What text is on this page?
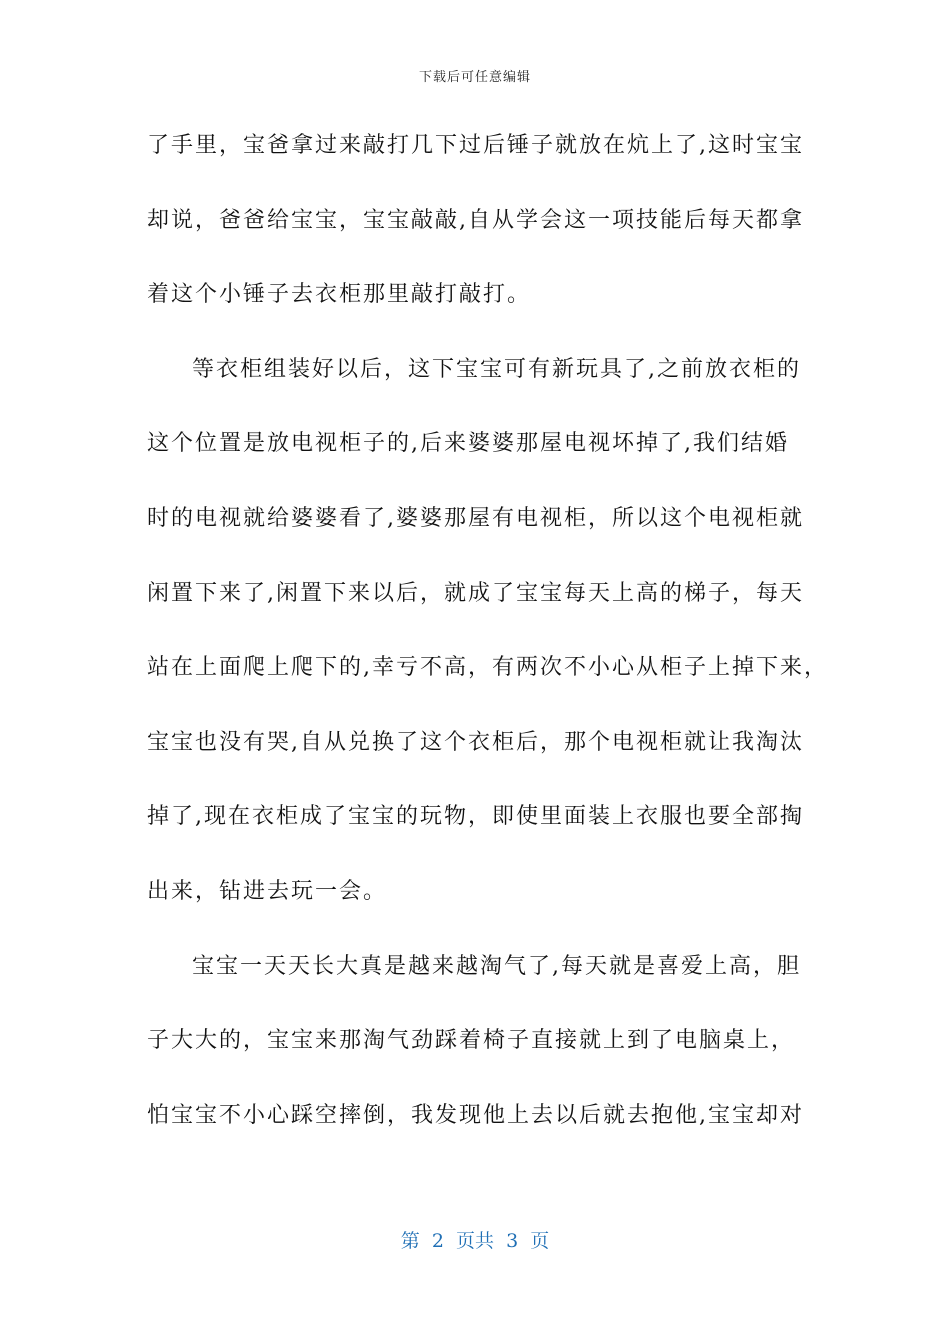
下载后可任意编辑
了手里，宝爸拿过来敲打几下过后锤子就放在炕上了,这时宝宝
却说，爸爸给宝宝，宝宝敲敲,自从学会这一项技能后每天都拿
着这个小锤子去衣柜那里敲打敲打。
等衣柜组装好以后，这下宝宝可有新玩具了,之前放衣柜的
这个位置是放电视柜子的,后来婆婆那屋电视坏掉了,我们结婚
时的电视就给婆婆看了,婆婆那屋有电视柜，所以这个电视柜就
闲置下来了,闲置下来以后，就成了宝宝每天上高的梯子，每天
站在上面爬上爬下的,幸亏不高，有两次不小心从柜子上掉下来，
宝宝也没有哭,自从兑换了这个衣柜后，那个电视柜就让我淘汰
掉了,现在衣柜成了宝宝的玩物，即使里面装上衣服也要全部掏
出来，钻进去玩一会。
宝宝一天天长大真是越来越淘气了,每天就是喜爱上高，胆
子大大的，宝宝来那淘气劲踩着椅子直接就上到了电脑桌上，
怕宝宝不小心踩空摔倒，我发现他上去以后就去抱他,宝宝却对
第  2  页共  3  页
